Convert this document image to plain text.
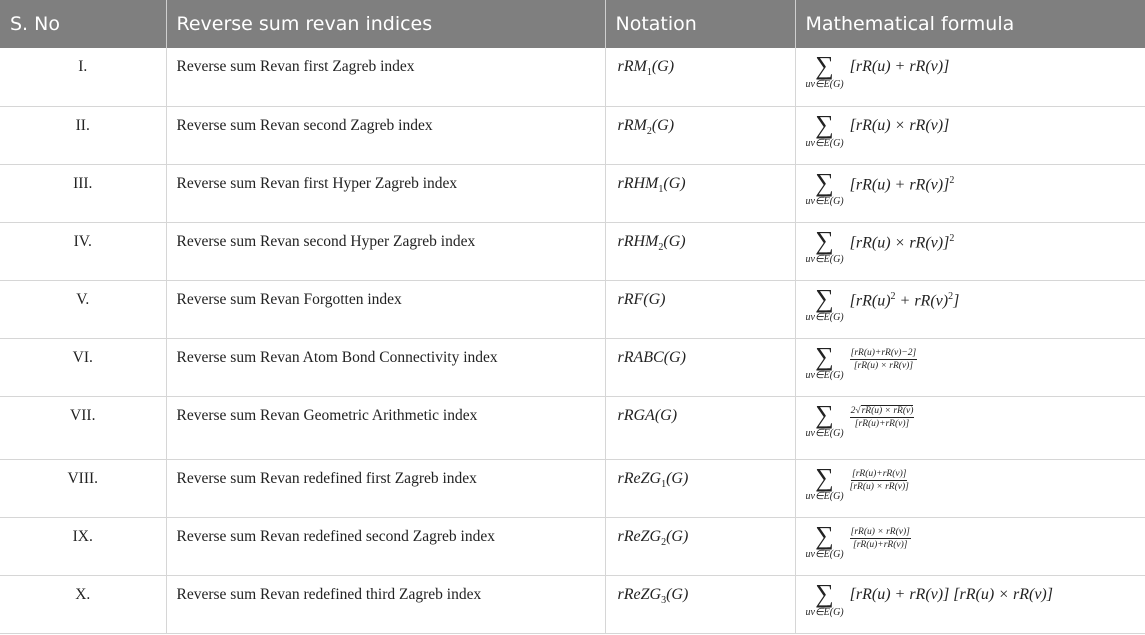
S. No	Reverse sum revan indices	Notation	Mathematical formula
I.	Reverse sum Revan first Zagreb index	rRM$_1$(G)	∑
uv∈E(G)
[rR(u) + rR(v)]

II.	Reverse sum Revan second Zagreb index	rRM$_2$(G)	∑
uv∈E(G)
[rR(u) × rR(v)]

III.	Reverse sum Revan first Hyper Zagreb index	rRHM$_1$(G)	∑
uv∈E(G)
$[rR(u) + rR(v)]^2$

IV.	Reverse sum Revan second Hyper Zagreb index	rRHM$_2$(G)	∑
uv∈E(G)
$[rR(u) \times rR(v)]^2$

V.	Reverse sum Revan Forgotten index	rRF(G)	∑
uv∈E(G)
$[rR(u)^2 + rR(v)^2]$

VI.	Reverse sum Revan Atom Bond Connectivity index	rRABC(G)	∑
uv∈E(G)
$\frac{[rR(u)+rR(v)-2]}{[rR(u) \times rR(v)]}$

VII.	Reverse sum Revan Geometric Arithmetic index	rRGA(G)	∑
uv∈E(G)
$\frac{2√rR(u) \times rR(v)}{[rR(u)+rR(v)]}$

VIII.	Reverse sum Revan redefined first Zagreb index	rReZG$_1$(G)	∑
uv∈E(G)
$\frac{[rR(u)+rR(v)]}{[rR(u) \times rR(v)]}$

IX.	Reverse sum Revan redefined second Zagreb index	rReZG$_2$(G)	∑
uv∈E(G)
$\frac{[rR(u) \times rR(v)]}{[rR(u)+rR(v)]}$

X.	Reverse sum Revan redefined third Zagreb index	rReZG$_3$(G)	∑
uv∈E(G)
[rR(u) + rR(v)] [rR(u) × rR(v)]
